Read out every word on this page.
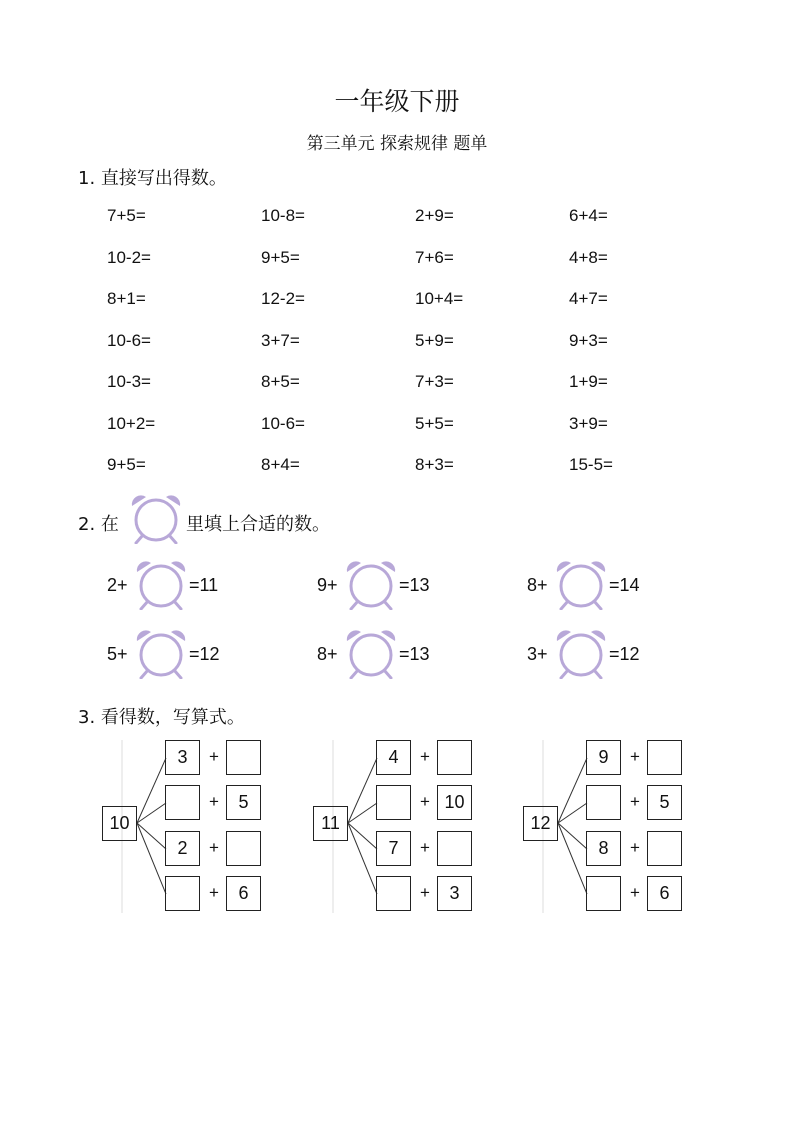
一年级下册
第三单元 探索规律 题单
1. 直接写出得数。
7+5=	10-8=	2+9=	6+4=
10-2=	9+5=	7+6=	4+8=
8+1=	12-2=	10+4=	4+7=
10-6=	3+7=	5+9=	9+3=
10-3=	8+5=	7+3=	1+9=
10+2=	10-6=	5+5=	3+9=
9+5=	8+4=	8+3=	15-5=
2. 在	里填上合适的数。
2+	=11	9+	=13	8+	=14
5+	=12	8+	=13	3+	=12
3. 看得数，写算式。
10
3	+
+	5
2	+
+	6
11
4	+
+ 10
7	+
+	3
12
9	+
+	5
8	+
+	6
